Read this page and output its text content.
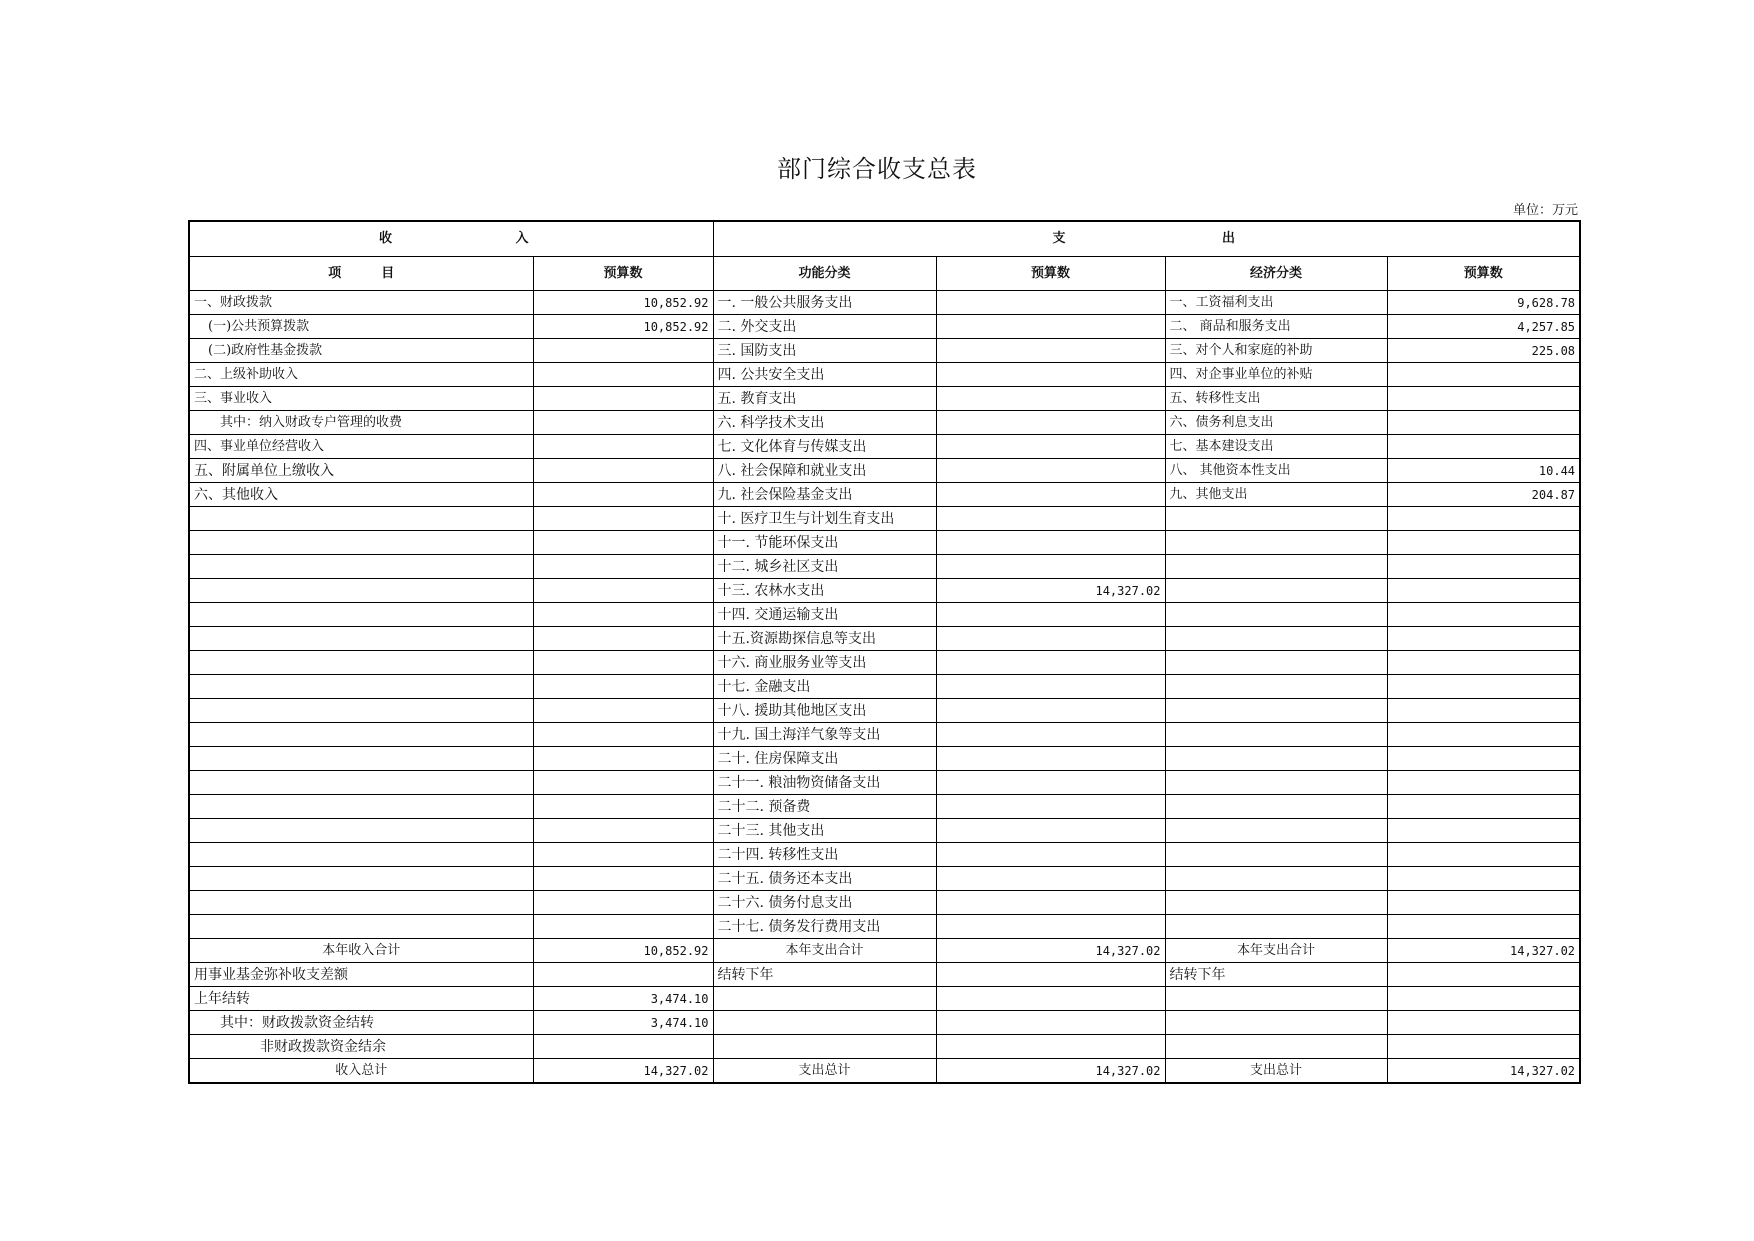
部门综合收支总表
单位：万元
收 入		支 出			

项 目	预算数	功能分类	预算数	经济分类	预算数
一、财政拨款	10,852.92	一. 一般公共服务支出		一、工资福利支出	9,628.78
(一)公共预算拨款	10,852.92	二. 外交支出		二、 商品和服务支出	4,257.85
(二)政府性基金拨款		三. 国防支出		三、对个人和家庭的补助	225.08
二、上级补助收入		四. 公共安全支出		四、对企事业单位的补贴	
三、事业收入		五. 教育支出		五、转移性支出	
其中：纳入财政专户管理的收费		六. 科学技术支出		六、债务利息支出	
四、事业单位经营收入		七. 文化体育与传媒支出		七、基本建设支出	
五、附属单位上缴收入		八. 社会保障和就业支出		八、 其他资本性支出	10.44
六、其他收入		九. 社会保险基金支出		九、其他支出	204.87
		十. 医疗卫生与计划生育支出			
		十一. 节能环保支出			
		十二. 城乡社区支出			
		十三. 农林水支出	14,327.02		
		十四. 交通运输支出			
		十五.资源勘探信息等支出			
		十六. 商业服务业等支出			
		十七. 金融支出			
		十八. 援助其他地区支出			
		十九. 国土海洋气象等支出			
		二十. 住房保障支出			
		二十一. 粮油物资储备支出			
		二十二. 预备费			
		二十三. 其他支出			
		二十四. 转移性支出			
		二十五. 债务还本支出			
		二十六. 债务付息支出			
		二十七. 债务发行费用支出			
本年收入合计	10,852.92	本年支出合计	14,327.02	本年支出合计	14,327.02
用事业基金弥补收支差额		结转下年		结转下年	
上年结转	3,474.10				
其中：财政拨款资金结转	3,474.10				
非财政拨款资金结余					
收入总计	14,327.02	支出总计	14,327.02	支出总计	14,327.02
